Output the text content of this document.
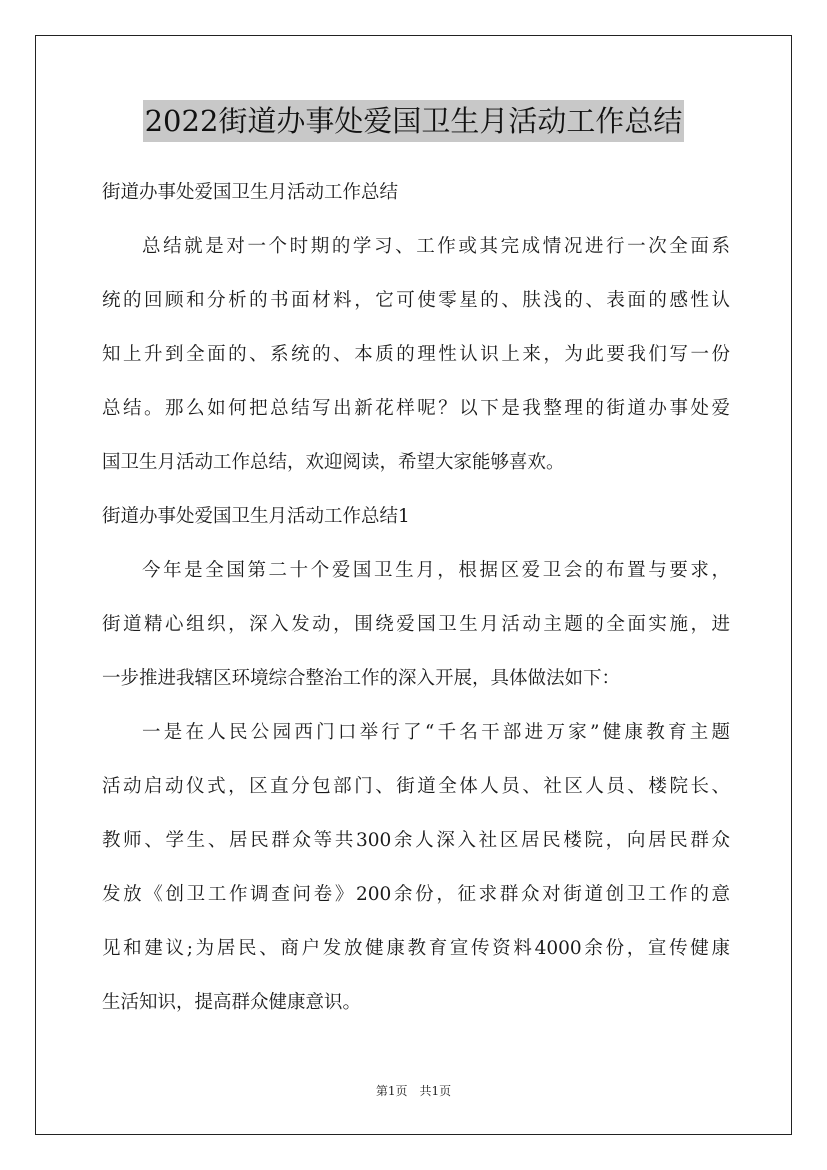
2022街道办事处爱国卫生月活动工作总结
街道办事处爱国卫生月活动工作总结
总结就是对一个时期的学习、工作或其完成情况进行一次全面系
统的回顾和分析的书面材料，它可使零星的、肤浅的、表面的感性认
知上升到全面的、系统的、本质的理性认识上来，为此要我们写一份
总结。那么如何把总结写出新花样呢？以下是我整理的街道办事处爱
国卫生月活动工作总结，欢迎阅读，希望大家能够喜欢。
街道办事处爱国卫生月活动工作总结1
今年是全国第二十个爱国卫生月，根据区爱卫会的布置与要求，
街道精心组织，深入发动，围绕爱国卫生月活动主题的全面实施，进
一步推进我辖区环境综合整治工作的深入开展，具体做法如下：
一是在人民公园西门口举行了“千名干部进万家”健康教育主题
活动启动仪式，区直分包部门、街道全体人员、社区人员、楼院长、
教师、学生、居民群众等共300余人深入社区居民楼院，向居民群众
发放《创卫工作调查问卷》200余份，征求群众对街道创卫工作的意
见和建议;为居民、商户发放健康教育宣传资料4000余份，宣传健康
生活知识，提高群众健康意识。
第1页 共1页
